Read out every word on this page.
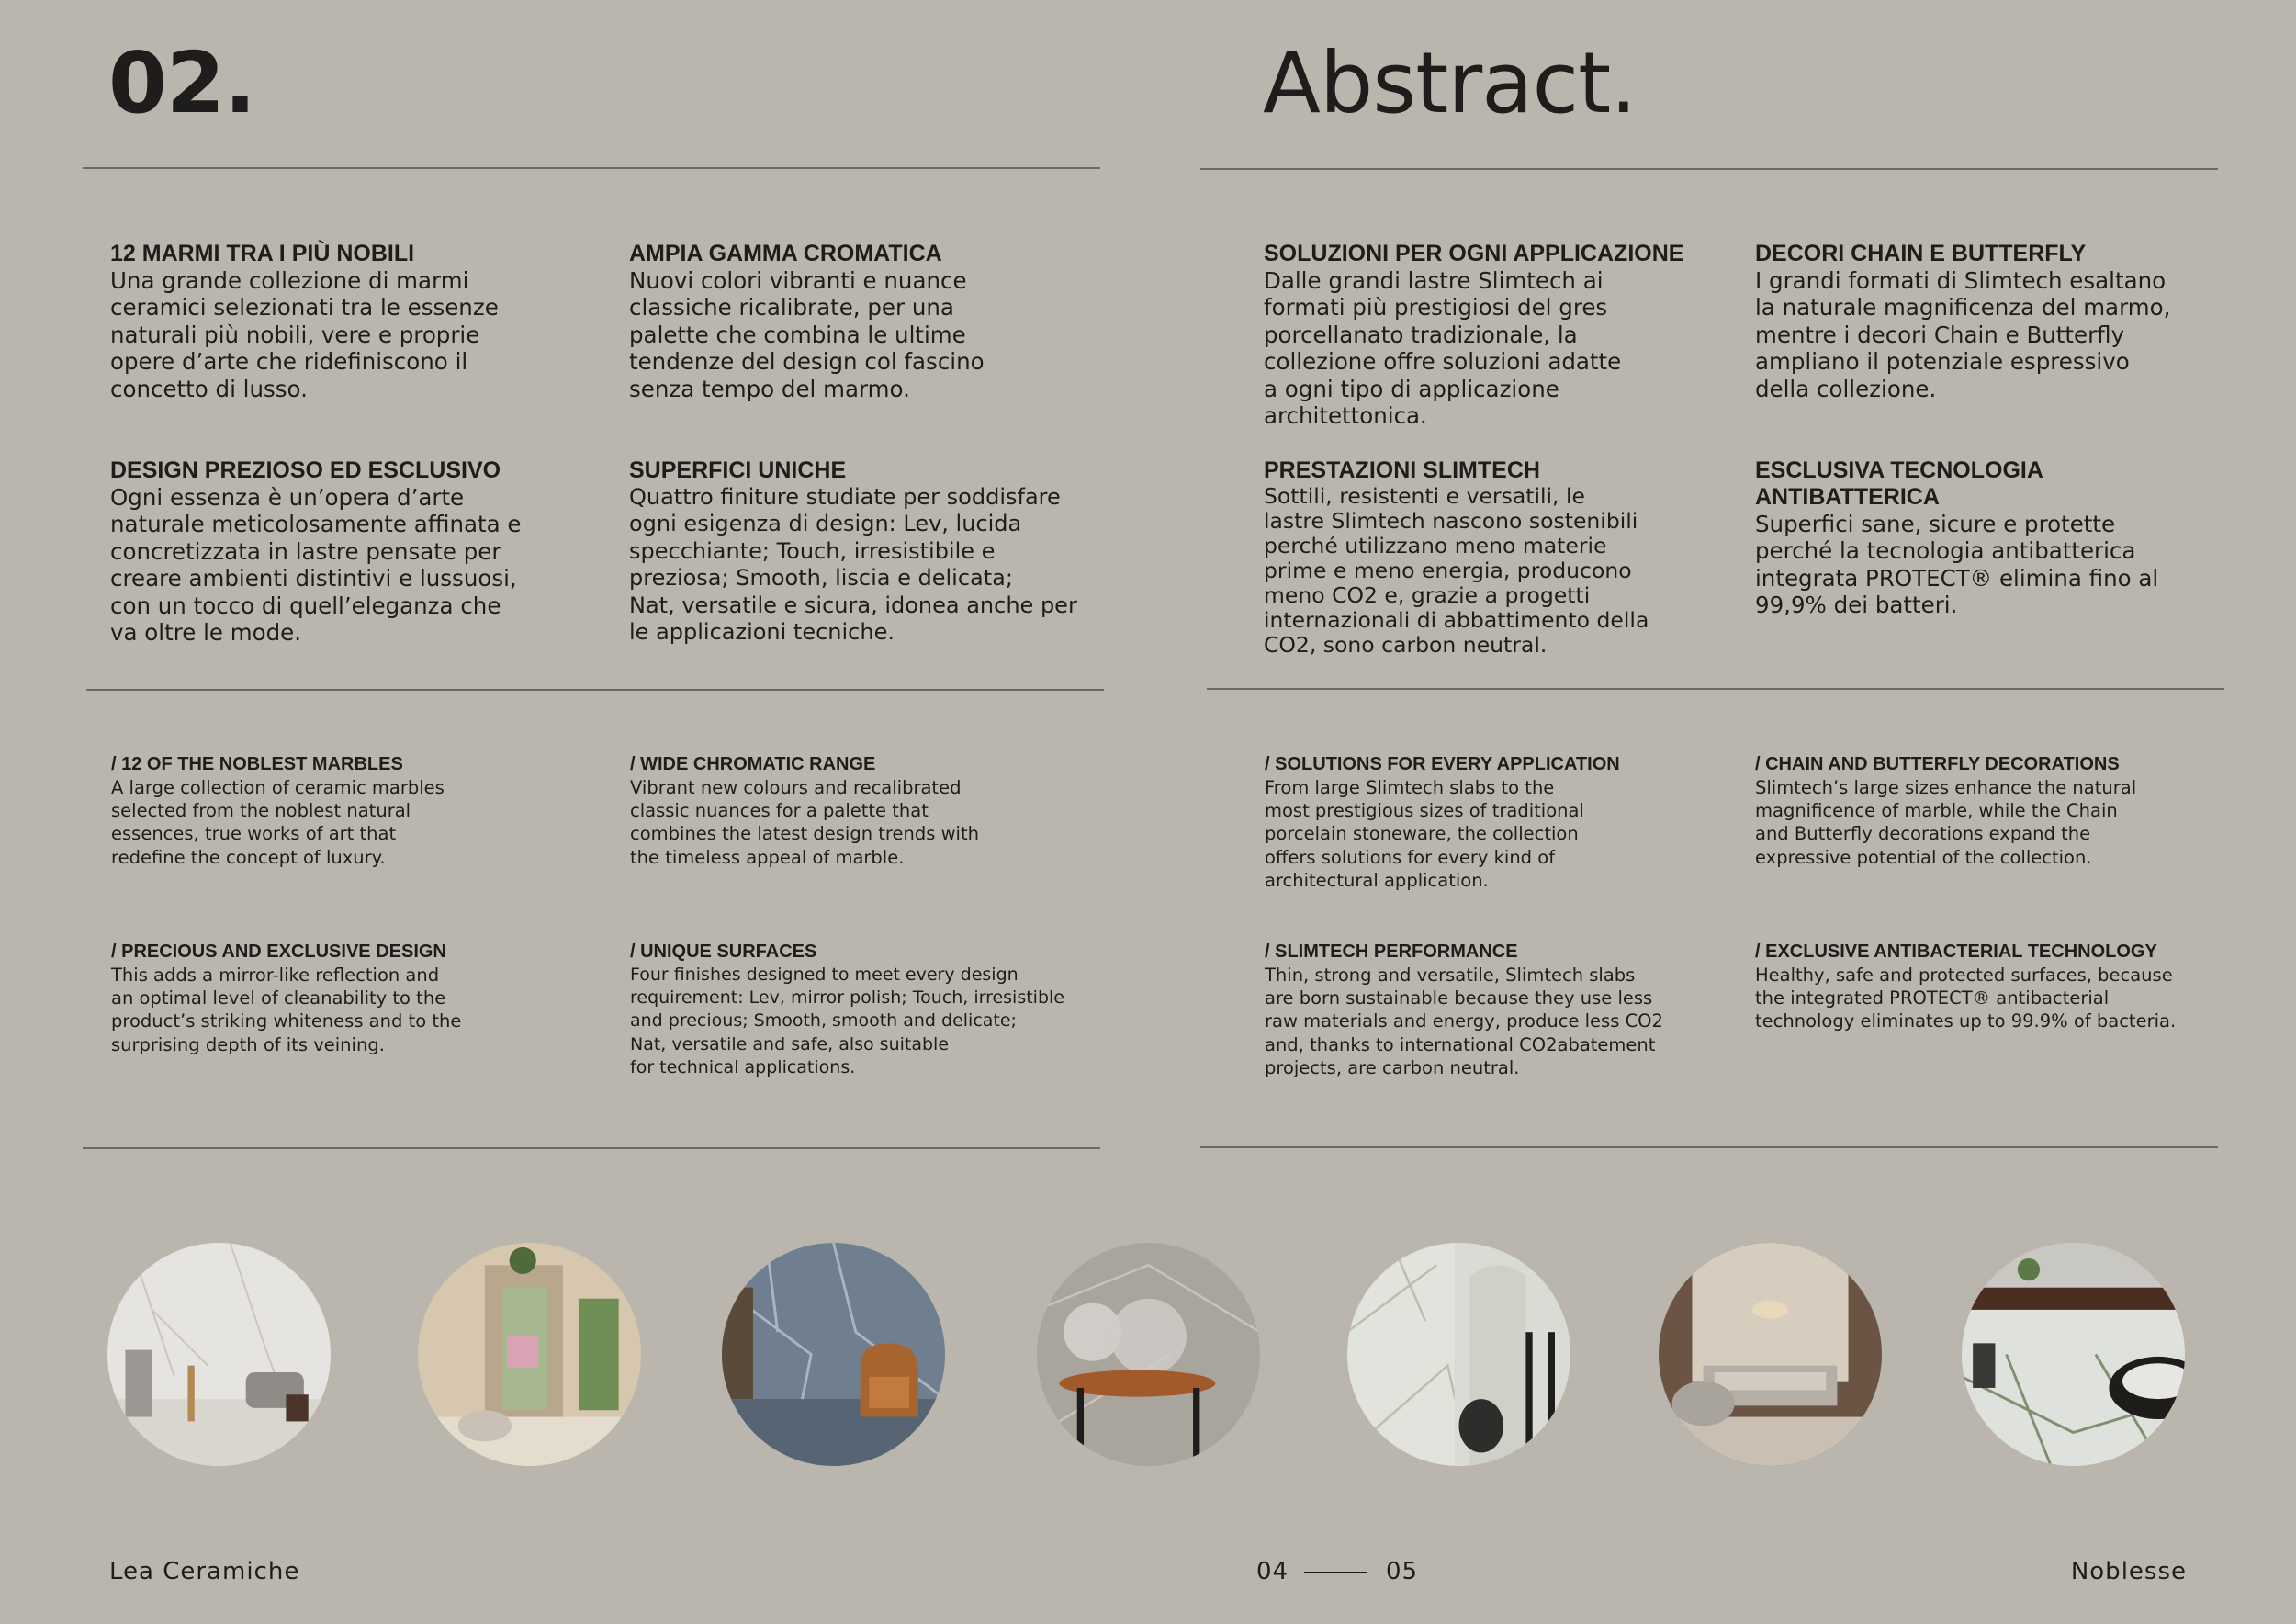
02.	Abstract.

12 MARMI TRA I PIÙ NOBILI

Una grande collezione di marmi
ceramici selezionati tra le essenze
naturali più nobili, vere e proprie
opere d’arte che ridefiniscono il
concetto di lusso.

AMPIA GAMMA CROMATICA

Nuovi colori vibranti e nuance
classiche ricalibrate, per una
palette che combina le ultime
tendenze del design col fascino
senza tempo del marmo.

SOLUZIONI PER OGNI APPLICAZIONE

Dalle grandi lastre Slimtech ai
formati più prestigiosi del gres
porcellanato tradizionale, la
collezione offre soluzioni adatte
a ogni tipo di applicazione
architettonica.

DECORI CHAIN E BUTTERFLY

I grandi formati di Slimtech esaltano
la naturale magnificenza del marmo,
mentre i decori Chain e Butterfly
ampliano il potenziale espressivo
della collezione.

DESIGN PREZIOSO ED ESCLUSIVO

Ogni essenza è un’opera d’arte
naturale meticolosamente affinata e
concretizzata in lastre pensate per
creare ambienti distintivi e lussuosi,
con un tocco di quell’eleganza che
va oltre le mode.

SUPERFICI UNICHE

Quattro finiture studiate per soddisfare
ogni esigenza di design: Lev, lucida
specchiante; Touch, irresistibile e
preziosa; Smooth, liscia e delicata;
Nat, versatile e sicura, idonea anche per
le applicazioni tecniche.

PRESTAZIONI SLIMTECH

Sottili, resistenti e versatili, le
lastre Slimtech nascono sostenibili
perché utilizzano meno materie
prime e meno energia, producono
meno CO2 e, grazie a progetti
internazionali di abbattimento della
CO2, sono carbon neutral.

ESCLUSIVA TECNOLOGIA
ANTIBATTERICA

Superfici sane, sicure e protette
perché la tecnologia antibatterica
integrata PROTECT® elimina fino al
99,9% dei batteri.

/ 12 OF THE NOBLEST MARBLES

A large collection of ceramic marbles
selected from the noblest natural
essences, true works of art that
redefine the concept of luxury.

/ WIDE CHROMATIC RANGE

Vibrant new colours and recalibrated
classic nuances for a palette that
combines the latest design trends with
the timeless appeal of marble.

/ SOLUTIONS FOR EVERY APPLICATION

From large Slimtech slabs to the
most prestigious sizes of traditional
porcelain stoneware, the collection
offers solutions for every kind of
architectural application.

/ CHAIN AND BUTTERFLY DECORATIONS

Slimtech’s large sizes enhance the natural
magnificence of marble, while the Chain
and Butterfly decorations expand the
expressive potential of the collection.

/ PRECIOUS AND EXCLUSIVE DESIGN

This adds a mirror-like reflection and
an optimal level of cleanability to the
product’s striking whiteness and to the
surprising depth of its veining.

/ UNIQUE SURFACES

Four finishes designed to meet every design
requirement: Lev, mirror polish; Touch, irresistible
and precious; Smooth, smooth and delicate;
Nat, versatile and safe, also suitable
for technical applications.

/ SLIMTECH PERFORMANCE

Thin, strong and versatile, Slimtech slabs
are born sustainable because they use less
raw materials and energy, produce less CO2
and, thanks to international CO2abatement
projects, are carbon neutral.

/ EXCLUSIVE ANTIBACTERIAL TECHNOLOGY

Healthy, safe and protected surfaces, because
the integrated PROTECT® antibacterial
technology eliminates up to 99.9% of bacteria.

Lea Ceramiche	04	05	Noblesse
